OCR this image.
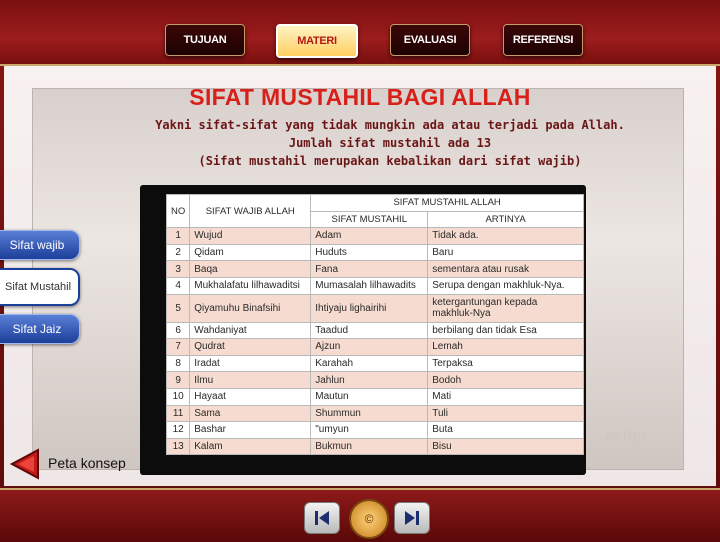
TUJUAN	MATERI	EVALUASI	REFERENSI
esign
SIFAT MUSTAHIL BAGI ALLAH
Yakni sifat-sifat yang tidak mungkin ada atau terjadi pada Allah.
Jumlah sifat mustahil ada 13
(Sifat mustahil merupakan kebalikan dari sifat wajib)
NO	SIFAT WAJIB ALLAH	SIFAT MUSTAHIL ALLAH	
		SIFAT MUSTAHIL	ARTINYA
1	Wujud	Adam	Tidak ada.
2	Qidam	Huduts	Baru
3	Baqa	Fana	sementara atau rusak
4	Mukhalafatu lilhawaditsi	Mumasalah lilhawadits	Serupa dengan makhluk-Nya.
5	Qiyamuhu Binafsihi	Ihtiyaju lighairihi	ketergantungan kepada makhluk-Nya
6	Wahdaniyat	Taadud	berbilang dan tidak Esa
7	Qudrat	Ajzun	Lemah
8	Iradat	Karahah	Terpaksa
9	Ilmu	Jahlun	Bodoh
10	Hayaat	Mautun	Mati
11	Sama	Shummun	Tuli
12	Bashar	"umyun	Buta
13	Kalam	Bukmun	Bisu
Sifat wajib
Sifat Mustahil
Sifat Jaiz
Peta konsep
©
